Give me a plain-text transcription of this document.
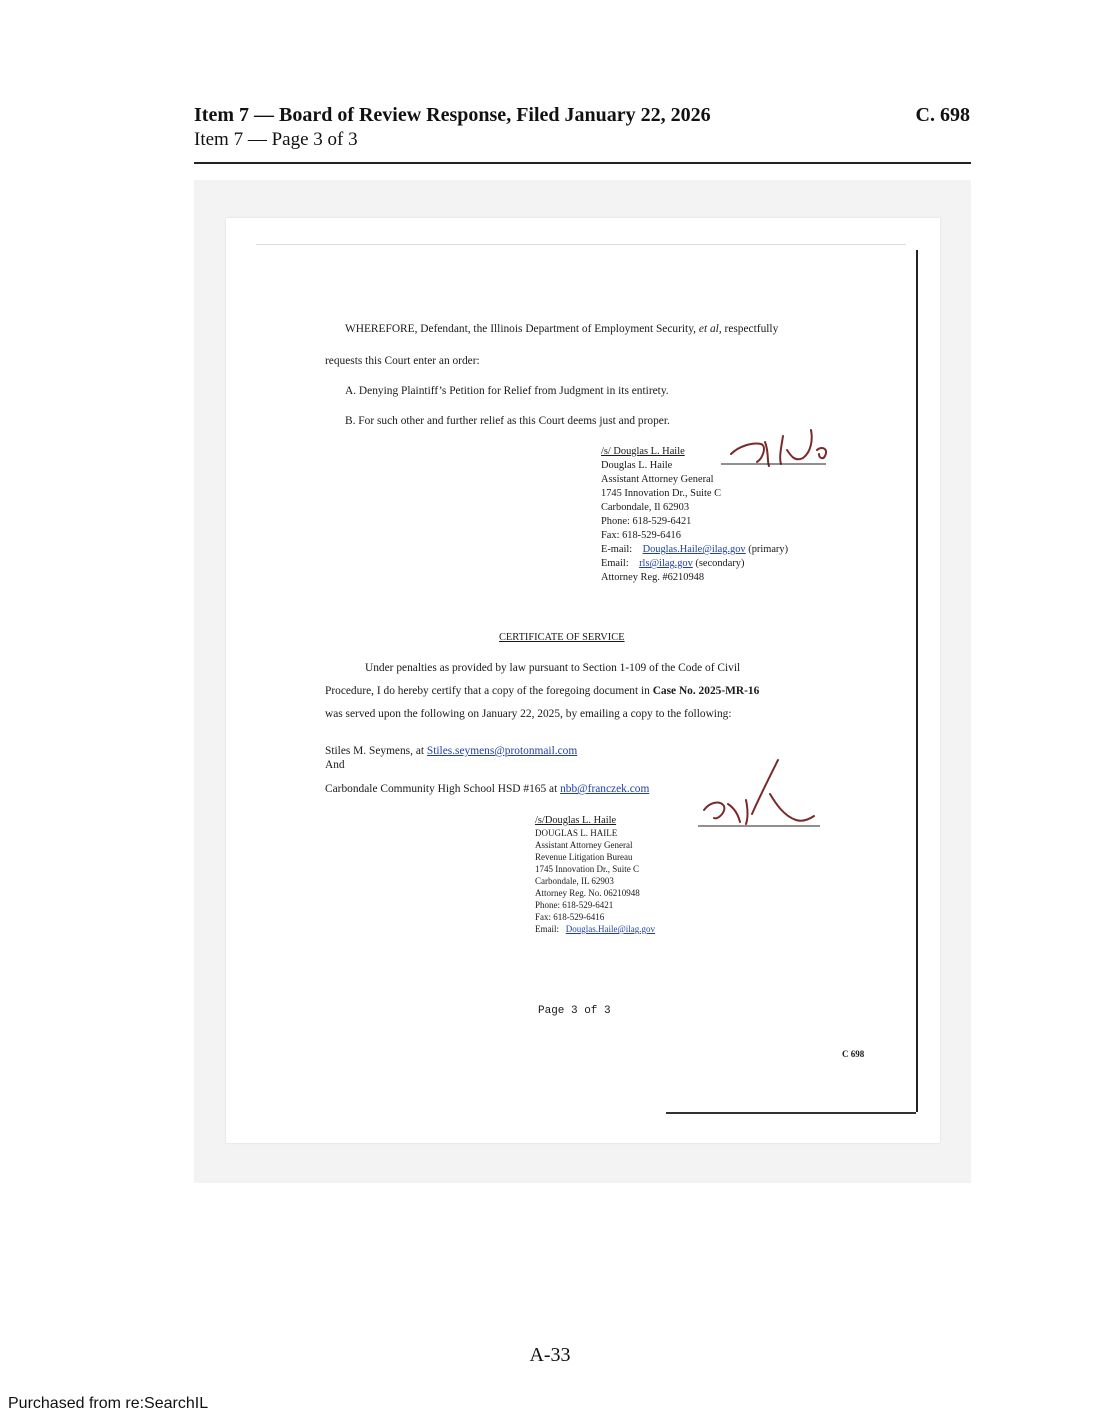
Item 7 — Board of Review Response, Filed January 22, 2026	C. 698
Item 7 — Page 3 of 3
WHEREFORE, Defendant, the Illinois Department of Employment Security, et al, respectfully
requests this Court enter an order:
A. Denying Plaintiff’s Petition for Relief from Judgment in its entirety.
B. For such other and further relief as this Court deems just and proper.
/s/ Douglas L. Haile
Douglas L. Haile
Assistant Attorney General
1745 Innovation Dr., Suite C
Carbondale, Il 62903
Phone: 618-529-6421
Fax: 618-529-6416
E-mail: Douglas.Haile@ilag.gov (primary)
Email: rls@ilag.gov (secondary)
Attorney Reg. #6210948
CERTIFICATE OF SERVICE
Under penalties as provided by law pursuant to Section 1-109 of the Code of Civil
Procedure, I do hereby certify that a copy of the foregoing document in Case No. 2025-MR-16
was served upon the following on January 22, 2025, by emailing a copy to the following:
Stiles M. Seymens, at Stiles.seymens@protonmail.com
And
Carbondale Community High School HSD #165 at nbb@franczek.com
/s/Douglas L. Haile
DOUGLAS L. HAILE
Assistant Attorney General
Revenue Litigation Bureau
1745 Innovation Dr., Suite C
Carbondale, IL 62903
Attorney Reg. No. 06210948
Phone: 618-529-6421
Fax: 618-529-6416
Email: Douglas.Haile@ilag.gov
Page 3 of 3
C 698
A-33
Purchased from re:SearchIL
